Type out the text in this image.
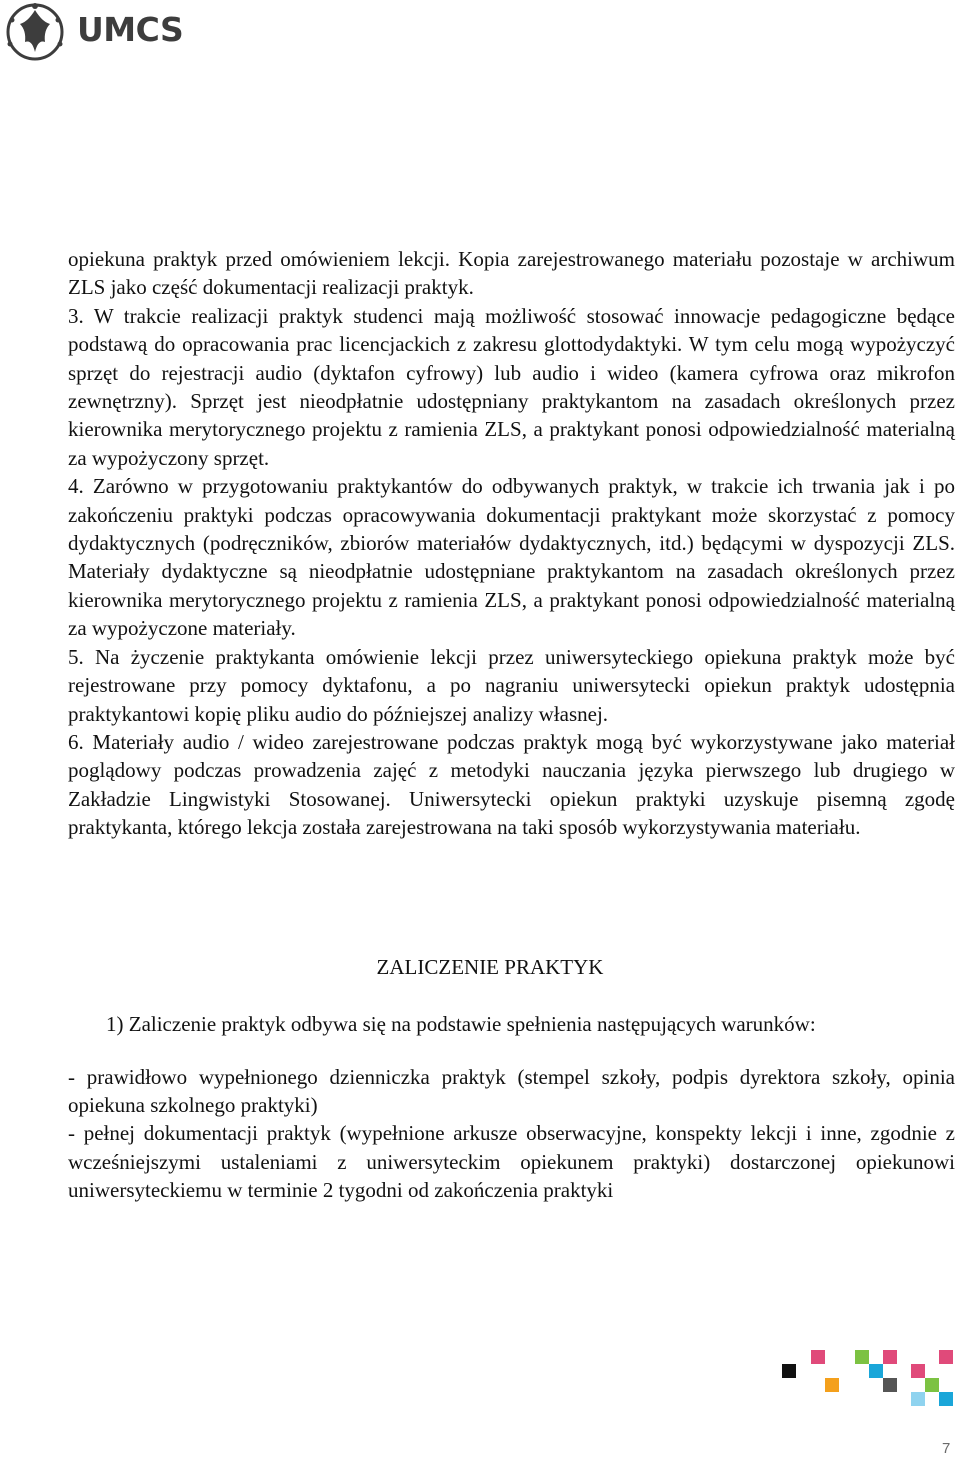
UMCS

opiekuna praktyk przed omówieniem lekcji. Kopia zarejestrowanego materiału pozostaje w archiwum ZLS jako część dokumentacji realizacji praktyk.

3. W trakcie realizacji praktyk studenci mają możliwość stosować innowacje pedagogiczne będące podstawą do opracowania prac licencjackich z zakresu glottodydaktyki. W tym celu mogą wypożyczyć sprzęt do rejestracji audio (dyktafon cyfrowy) lub audio i wideo (kamera cyfrowa oraz mikrofon zewnętrzny). Sprzęt jest nieodpłatnie udostępniany praktykantom na zasadach określonych przez kierownika merytorycznego projektu z ramienia ZLS, a praktykant ponosi odpowiedzialność materialną za wypożyczony sprzęt.

4. Zarówno w przygotowaniu praktykantów do odbywanych praktyk, w trakcie ich trwania jak i po zakończeniu praktyki podczas opracowywania dokumentacji praktykant może skorzystać z pomocy dydaktycznych (podręczników, zbiorów materiałów dydaktycznych, itd.) będącymi w dyspozycji ZLS. Materiały dydaktyczne są nieodpłatnie udostępniane praktykantom na zasadach określonych przez kierownika merytorycznego projektu z ramienia ZLS, a praktykant ponosi odpowiedzialność materialną za wypożyczone materiały.

5. Na życzenie praktykanta omówienie lekcji przez uniwersyteckiego opiekuna praktyk może być rejestrowane przy pomocy dyktafonu, a po nagraniu uniwersytecki opiekun praktyk udostępnia praktykantowi kopię pliku audio do późniejszej analizy własnej.

6. Materiały audio / wideo zarejestrowane podczas praktyk mogą być wykorzystywane jako materiał poglądowy podczas prowadzenia zajęć z metodyki nauczania języka pierwszego lub drugiego w Zakładzie Lingwistyki Stosowanej. Uniwersytecki opiekun praktyki uzyskuje pisemną zgodę praktykanta, którego lekcja została zarejestrowana na taki sposób wykorzystywania materiału.

ZALICZENIE PRAKTYK
1) Zaliczenie praktyk odbywa się na podstawie spełnienia następujących warunków:

- prawidłowo wypełnionego dzienniczka praktyk (stempel szkoły, podpis dyrektora szkoły, opinia opiekuna szkolnego praktyki)

- pełnej dokumentacji praktyk (wypełnione arkusze obserwacyjne, konspekty lekcji i inne, zgodnie z wcześniejszymi ustaleniami z uniwersyteckim opiekunem praktyki) dostarczonej opiekunowi uniwersyteckiemu w terminie 2 tygodni od zakończenia praktyki

7
